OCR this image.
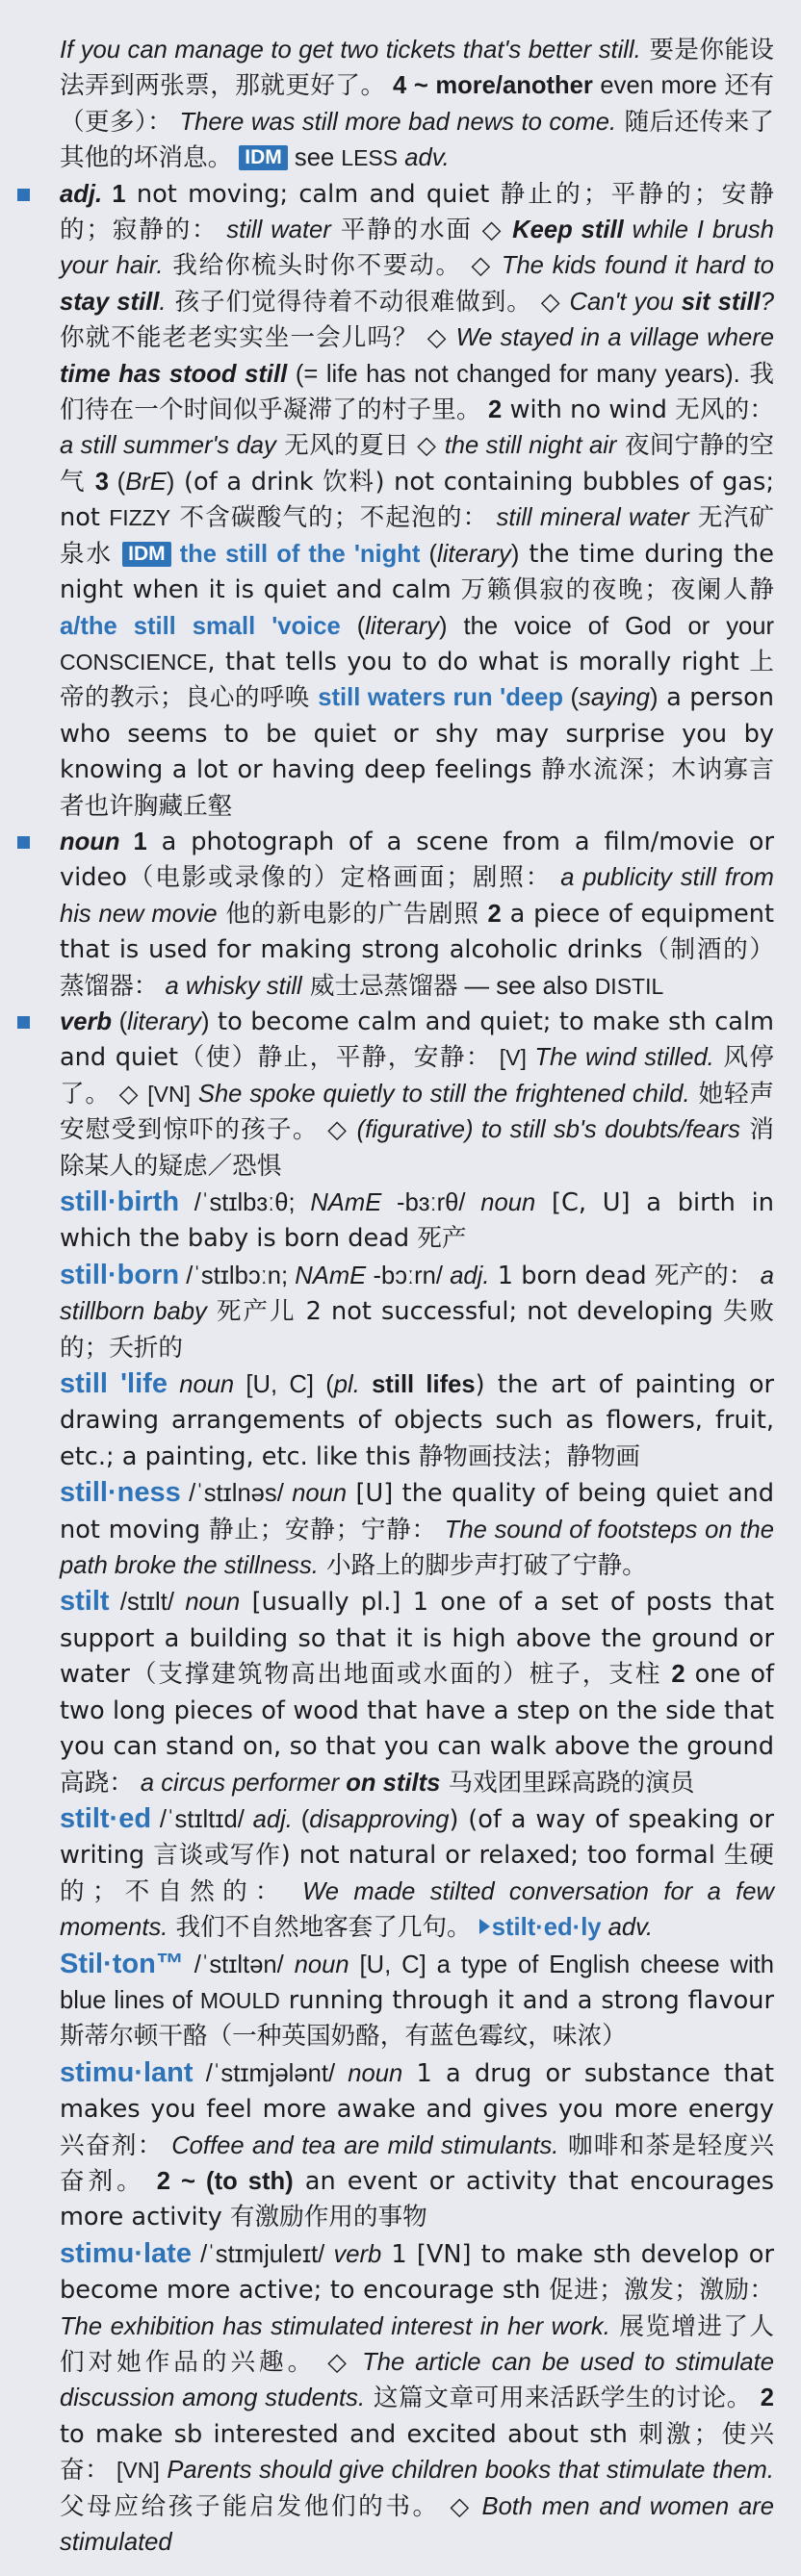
If you can manage to get two tickets that's better still. 要是你能设法弄到两张票，那就更好了。 4 ~ more/another even more 还有（更多）： There was still more bad news to come. 随后还传来了其他的坏消息。 IDM see LESS adv.

adj. 1 not moving; calm and quiet 静止的；平静的；安静的；寂静的： still water 平静的水面 ◇ Keep still while I brush your hair. 我给你梳头时你不要动。 ◇ The kids found it hard to stay still. 孩子们觉得待着不动很难做到。 ◇ Can't you sit still? 你就不能老老实实坐一会儿吗？ ◇ We stayed in a village where time has stood still (= life has not changed for many years). 我们待在一个时间似乎凝滞了的村子里。 2 with no wind 无风的： a still summer's day 无风的夏日 ◇ the still night air 夜间宁静的空气 3 (BrE) (of a drink 饮料) not containing bubbles of gas; not FIZZY 不含碳酸气的；不起泡的： still mineral water 无汽矿泉水 IDM the still of the 'night (literary) the time during the night when it is quiet and calm 万籁俱寂的夜晚；夜阑人静 a/the still small 'voice (literary) the voice of God or your CONSCIENCE, that tells you to do what is morally right 上帝的教示；良心的呼唤 still waters run 'deep (saying) a person who seems to be quiet or shy may surprise you by knowing a lot or having deep feelings 静水流深；木讷寡言者也许胸藏丘壑

noun 1 a photograph of a scene from a film/movie or video（电影或录像的）定格画面；剧照： a publicity still from his new movie 他的新电影的广告剧照 2 a piece of equipment that is used for making strong alcoholic drinks（制酒的）蒸馏器： a whisky still 威士忌蒸馏器 — see also DISTIL

verb (literary) to become calm and quiet; to make sth calm and quiet（使）静止，平静，安静： [V] The wind stilled. 风停了。 ◇ [VN] She spoke quietly to still the frightened child. 她轻声安慰受到惊吓的孩子。 ◇ (figurative) to still sb's doubts/fears 消除某人的疑虑／恐惧

still·birth /ˈstɪlbɜːθ; NAmE -bɜːrθ/ noun [C, U] a birth in which the baby is born dead 死产

still·born /ˈstɪlbɔːn; NAmE -bɔːrn/ adj. 1 born dead 死产的： a stillborn baby 死产儿 2 not successful; not developing 失败的；夭折的

still 'life noun [U, C] (pl. still lifes) the art of painting or drawing arrangements of objects such as flowers, fruit, etc.; a painting, etc. like this 静物画技法；静物画

still·ness /ˈstɪlnəs/ noun [U] the quality of being quiet and not moving 静止；安静；宁静： The sound of footsteps on the path broke the stillness. 小路上的脚步声打破了宁静。

stilt /stɪlt/ noun [usually pl.] 1 one of a set of posts that support a building so that it is high above the ground or water（支撑建筑物高出地面或水面的）桩子，支柱 2 one of two long pieces of wood that have a step on the side that you can stand on, so that you can walk above the ground 高跷： a circus performer on stilts 马戏团里踩高跷的演员

stilt·ed /ˈstɪltɪd/ adj. (disapproving) (of a way of speaking or writing 言谈或写作) not natural or relaxed; too formal 生硬的；不自然的： We made stilted conversation for a few moments. 我们不自然地客套了几句。 stilt·ed·ly adv.

Stil·ton™ /ˈstɪltən/ noun [U, C] a type of English cheese with blue lines of MOULD running through it and a strong flavour 斯蒂尔顿干酪（一种英国奶酪，有蓝色霉纹，味浓）

stimu·lant /ˈstɪmjələnt/ noun 1 a drug or substance that makes you feel more awake and gives you more energy 兴奋剂： Coffee and tea are mild stimulants. 咖啡和茶是轻度兴奋剂。 2 ~ (to sth) an event or activity that encourages more activity 有激励作用的事物

stimu·late /ˈstɪmjuleɪt/ verb 1 [VN] to make sth develop or become more active; to encourage sth 促进；激发；激励： The exhibition has stimulated interest in her work. 展览增进了人们对她作品的兴趣。 ◇ The article can be used to stimulate discussion among students. 这篇文章可用来活跃学生的讨论。 2 to make sb interested and excited about sth 刺激；使兴奋： [VN] Parents should give children books that stimulate them. 父母应给孩子能启发他们的书。 ◇ Both men and women are stimulated
